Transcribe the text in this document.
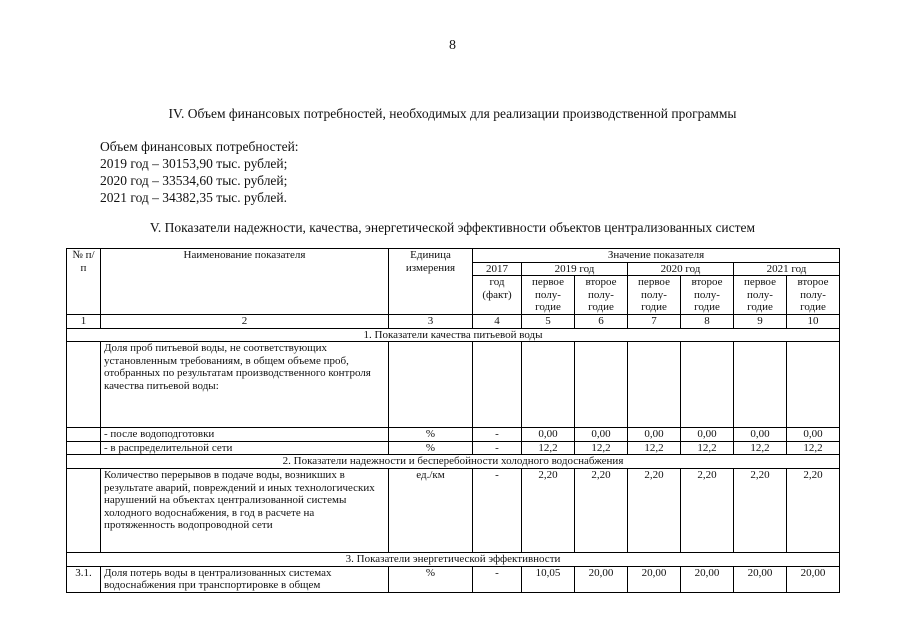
8
IV. Объем финансовых потребностей, необходимых для реализации производственной программы
Объем финансовых потребностей:
2019 год – 30153,90 тыс. рублей;
2020 год – 33534,60 тыс. рублей;
2021 год – 34382,35 тыс. рублей.
V. Показатели надежности, качества, энергетической эффективности объектов централизованных систем
№ п/п	Наименование показателя	Единица измерения	Значение показателя						
			2017	2019 год		2020 год		2021 год	
			год (факт)	первое полу-годие	второе полу-годие	первое полу-годие	второе полу-годие	первое полу-годие	второе полу-годие
1	2	3	4	5	6	7	8	9	10
1. Показатели качества питьевой воды									
	Доля проб питьевой воды, не соответствующих установленным требованиям, в общем объеме проб, отобранных по результатам производственного контроля качества питьевой воды:								
	- после водоподготовки	%	-	0,00	0,00	0,00	0,00	0,00	0,00
	- в распределительной сети	%	-	12,2	12,2	12,2	12,2	12,2	12,2
2. Показатели надежности и бесперебойности холодного водоснабжения									
	Количество перерывов в подаче воды, возникших в результате аварий, повреждений и иных технологических нарушений на объектах централизованной системы холодного водоснабжения, в год в расчете на протяженность водопроводной сети	ед./км	-	2,20	2,20	2,20	2,20	2,20	2,20
3. Показатели энергетической эффективности									
3.1.	Доля потерь воды в централизованных системах водоснабжения при транспортировке в общем	%	-	10,05	20,00	20,00	20,00	20,00	20,00
